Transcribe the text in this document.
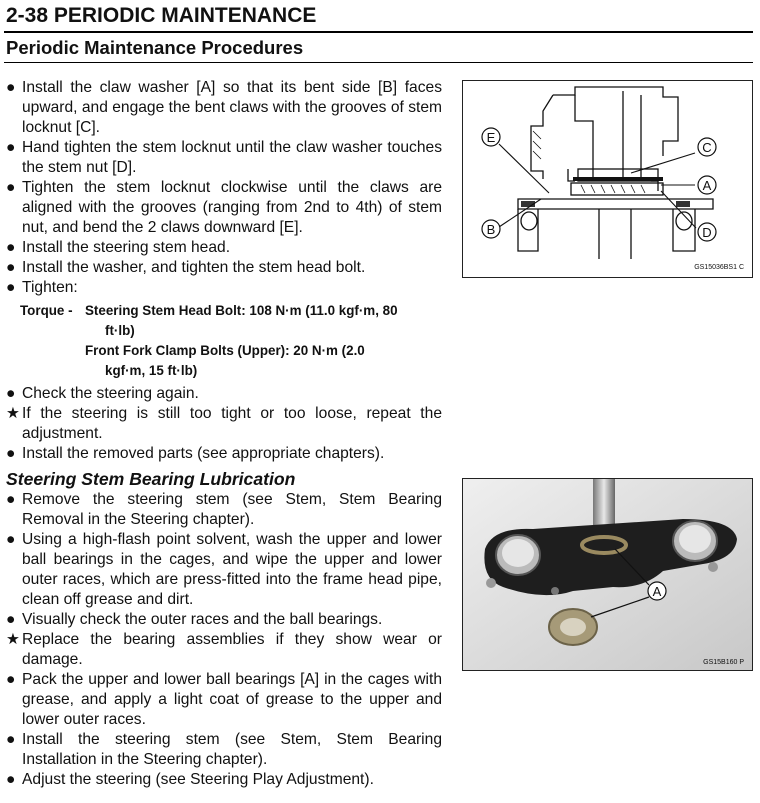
2-38 PERIODIC MAINTENANCE
Periodic Maintenance Procedures
● Install the claw washer [A] so that its bent side [B] faces upward, and engage the bent claws with the grooves of stem locknut [C].
● Hand tighten the stem locknut until the claw washer touches the stem nut [D].
● Tighten the stem locknut clockwise until the claws are aligned with the grooves (ranging from 2nd to 4th) of stem nut, and bend the 2 claws downward [E].
● Install the steering stem head.
● Install the washer, and tighten the stem head bolt.
● Tighten:
Torque - Steering Stem Head Bolt: 108 N·m (11.0 kgf·m, 80
ft·lb)
Front Fork Clamp Bolts (Upper): 20 N·m (2.0
kgf·m, 15 ft·lb)
● Check the steering again.
★ If the steering is still too tight or too loose, repeat the adjustment.
● Install the removed parts (see appropriate chapters).
Steering Stem Bearing Lubrication
● Remove the steering stem (see Stem, Stem Bearing Removal in the Steering chapter).
● Using a high-flash point solvent, wash the upper and lower ball bearings in the cages, and wipe the upper and lower outer races, which are press-fitted into the frame head pipe, clean off grease and dirt.
● Visually check the outer races and the ball bearings.
★ Replace the bearing assemblies if they show wear or damage.
● Pack the upper and lower ball bearings [A] in the cages with grease, and apply a light coat of grease to the upper and lower outer races.
● Install the steering stem (see Stem, Stem Bearing Installation in the Steering chapter).
● Adjust the steering (see Steering Play Adjustment).
E
C
A
B	D
GS15036BS1 C
A
GS15B160 P
